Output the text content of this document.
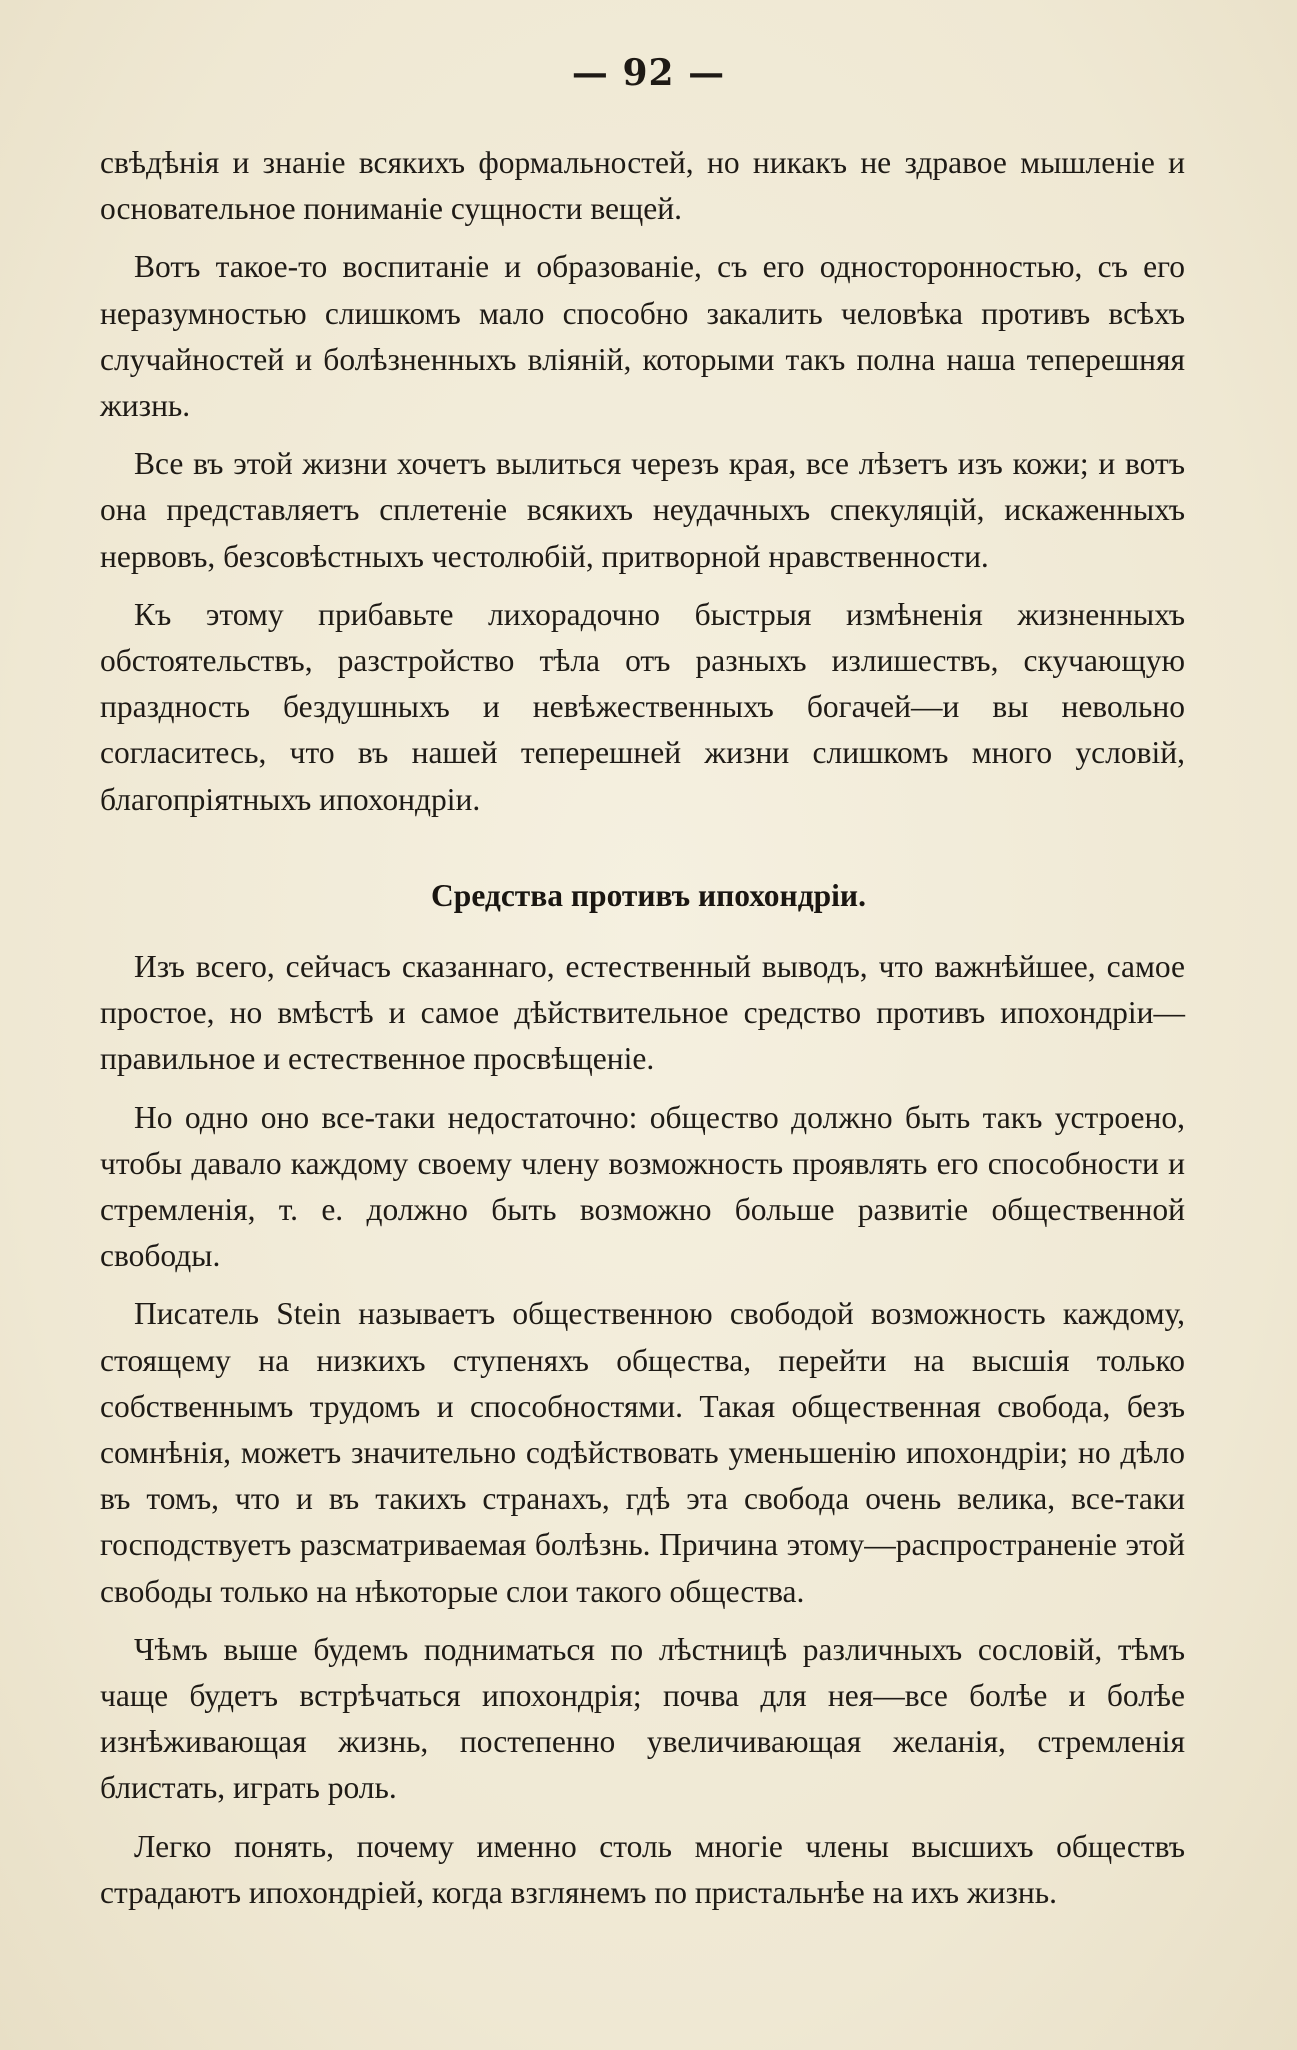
— 92 —

свѣдѣнія и знаніе всякихъ формальностей, но никакъ не здравое мышленіе и основательное пониманіе сущности вещей.

Вотъ такое-то воспитаніе и образованіе, съ его односторонностью, съ его неразумностью слишкомъ мало способно закалить человѣка противъ всѣхъ случайностей и болѣзненныхъ вліяній, которыми такъ полна наша теперешняя жизнь.

Все въ этой жизни хочетъ вылиться черезъ края, все лѣзетъ изъ кожи; и вотъ она представляетъ сплетеніе всякихъ неудачныхъ спекуляцій, искаженныхъ нервовъ, безсовѣстныхъ честолюбій, притворной нравственности.

Къ этому прибавьте лихорадочно быстрыя измѣненія жизненныхъ обстоятельствъ, разстройство тѣла отъ разныхъ излишествъ, скучающую праздность бездушныхъ и невѣжественныхъ богачей—и вы невольно согласитесь, что въ нашей теперешней жизни слишкомъ много условій, благопріятныхъ ипохондріи.

Средства противъ ипохондріи.

Изъ всего, сейчасъ сказаннаго, естественный выводъ, что важнѣйшее, самое простое, но вмѣстѣ и самое дѣйствительное средство противъ ипохондріи—правильное и естественное просвѣщеніе.

Но одно оно все-таки недостаточно: общество должно быть такъ устроено, чтобы давало каждому своему члену возможность проявлять его способности и стремленія, т. е. должно быть возможно больше развитіе общественной свободы.

Писатель Stein называетъ общественною свободой возможность каждому, стоящему на низкихъ ступеняхъ общества, перейти на высшія только собственнымъ трудомъ и способностями. Такая общественная свобода, безъ сомнѣнія, можетъ значительно содѣйствовать уменьшенію ипохондріи; но дѣло въ томъ, что и въ такихъ странахъ, гдѣ эта свобода очень велика, все-таки господствуетъ разсматриваемая болѣзнь. Причина этому—распространеніе этой свободы только на нѣкоторые слои такого общества.

Чѣмъ выше будемъ подниматься по лѣстницѣ различныхъ сословій, тѣмъ чаще будетъ встрѣчаться ипохондрія; почва для нея—все болѣе и болѣе изнѣживающая жизнь, постепенно увеличивающая желанія, стремленія блистать, играть роль.

Легко понять, почему именно столь многіе члены высшихъ обществъ страдаютъ ипохондріей, когда взглянемъ по пристальнѣе на ихъ жизнь.
